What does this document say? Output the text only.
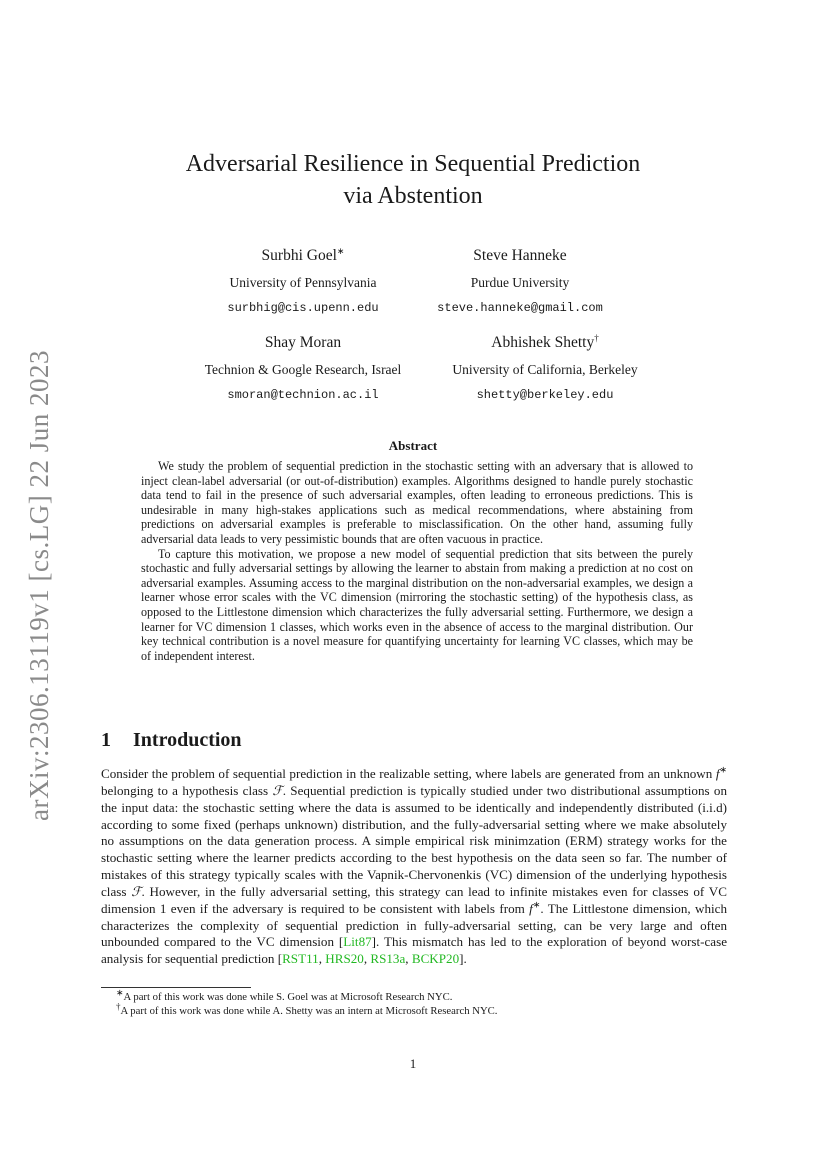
arXiv:2306.13119v1 [cs.LG] 22 Jun 2023
Adversarial Resilience in Sequential Prediction
via Abstention
Surbhi Goel∗
University of Pennsylvania
surbhig@cis.upenn.edu
Steve Hanneke
Purdue University
steve.hanneke@gmail.com
Shay Moran
Technion & Google Research, Israel
smoran@technion.ac.il
Abhishek Shetty†
University of California, Berkeley
shetty@berkeley.edu
Abstract

We study the problem of sequential prediction in the stochastic setting with an adversary that is allowed to inject clean-label adversarial (or out-of-distribution) examples. Algorithms designed to handle purely stochastic data tend to fail in the presence of such adversarial examples, often leading to erroneous predictions. This is undesirable in many high-stakes applications such as medical recommendations, where abstaining from predictions on adversarial examples is preferable to misclassification. On the other hand, assuming fully adversarial data leads to very pessimistic bounds that are often vacuous in practice.

To capture this motivation, we propose a new model of sequential prediction that sits between the purely stochastic and fully adversarial settings by allowing the learner to abstain from making a prediction at no cost on adversarial examples. Assuming access to the marginal distribution on the non-adversarial examples, we design a learner whose error scales with the VC dimension (mirroring the stochastic setting) of the hypothesis class, as opposed to the Littlestone dimension which characterizes the fully adversarial setting. Furthermore, we design a learner for VC dimension 1 classes, which works even in the absence of access to the marginal distribution. Our key technical contribution is a novel measure for quantifying uncertainty for learning VC classes, which may be of independent interest.

1 Introduction

Consider the problem of sequential prediction in the realizable setting, where labels are generated from an unknown f∗ belonging to a hypothesis class ℱ. Sequential prediction is typically studied under two distributional assumptions on the input data: the stochastic setting where the data is assumed to be identically and independently distributed (i.i.d) according to some fixed (perhaps unknown) distribution, and the fully-adversarial setting where we make absolutely no assumptions on the data generation process. A simple empirical risk minimzation (ERM) strategy works for the stochastic setting where the learner predicts according to the best hypothesis on the data seen so far. The number of mistakes of this strategy typically scales with the Vapnik-Chervonenkis (VC) dimension of the underlying hypothesis class ℱ. However, in the fully adversarial setting, this strategy can lead to infinite mistakes even for classes of VC dimension 1 even if the adversary is required to be consistent with labels from f∗. The Littlestone dimension, which characterizes the complexity of sequential prediction in fully-adversarial setting, can be very large and often unbounded compared to the VC dimension [Lit87]. This mismatch has led to the exploration of beyond worst-case analysis for sequential prediction [RST11, HRS20, RS13a, BCKP20].

∗A part of this work was done while S. Goel was at Microsoft Research NYC.
†A part of this work was done while A. Shetty was an intern at Microsoft Research NYC.
1
